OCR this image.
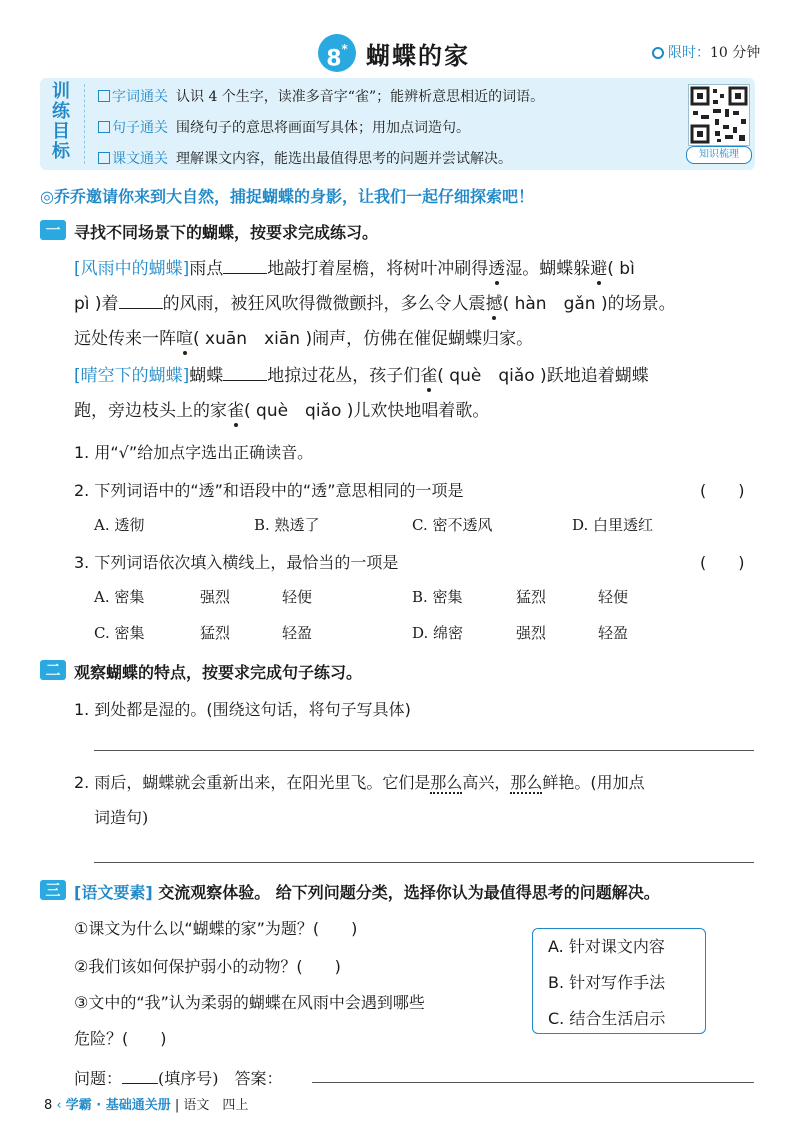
8* 蝴蝶的家	限时：10 分钟
训
练
目
标
字词通关 认识 4 个生字，读准多音字“雀”；能辨析意思相近的词语。
句子通关 围绕句子的意思将画面写具体；用加点词造句。
课文通关 理解课文内容，能选出最值得思考的问题并尝试解决。	知识梳理
◎乔乔邀请你来到大自然，捕捉蝴蝶的身影，让我们一起仔细探索吧！
一 寻找不同场景下的蝴蝶，按要求完成练习。
[风雨中的蝴蝶]雨点	地敲打着屋檐，将树叶冲刷得透湿。蝴蝶躲避( bì
pì )着	的风雨，被狂风吹得微微颤抖，多么令人震撼( hàn　gǎn )的场景。
远处传来一阵喧( xuān　xiān )闹声，仿佛在催促蝴蝶归家。
[晴空下的蝴蝶]蝴蝶	地掠过花丛，孩子们雀( què　qiǎo )跃地追着蝴蝶
跑，旁边枝头上的家雀( què　qiǎo )儿欢快地唱着歌。
1. 用“√”给加点字选出正确读音。
2. 下列词语中的“透”和语段中的“透”意思相同的一项是	(　　)
A. 透彻	B. 熟透了	C. 密不透风	D. 白里透红
3. 下列词语依次填入横线上，最恰当的一项是	(　　)
A. 密集	强烈	轻便	B. 密集	猛烈	轻便
C. 密集	猛烈	轻盈	D. 绵密	强烈	轻盈
二 观察蝴蝶的特点，按要求完成句子练习。
1. 到处都是湿的。(围绕这句话，将句子写具体)
2. 雨后，蝴蝶就会重新出来，在阳光里飞。它们是那么高兴，那么鲜艳。(用加点
词造句)
三 [语文要素] 交流观察体验。 给下列问题分类，选择你认为最值得思考的问题解决。
①课文为什么以“蝴蝶的家”为题？(　　)
②我们该如何保护弱小的动物？(　　)
③文中的“我”认为柔弱的蝴蝶在风雨中会遇到哪些
危险？(　　)
A. 针对课文内容
B. 针对写作手法
C. 结合生活启示
问题： (填序号)　 答案：
8 ‹ 学霸 · 基础通关册 | 语文　四上
